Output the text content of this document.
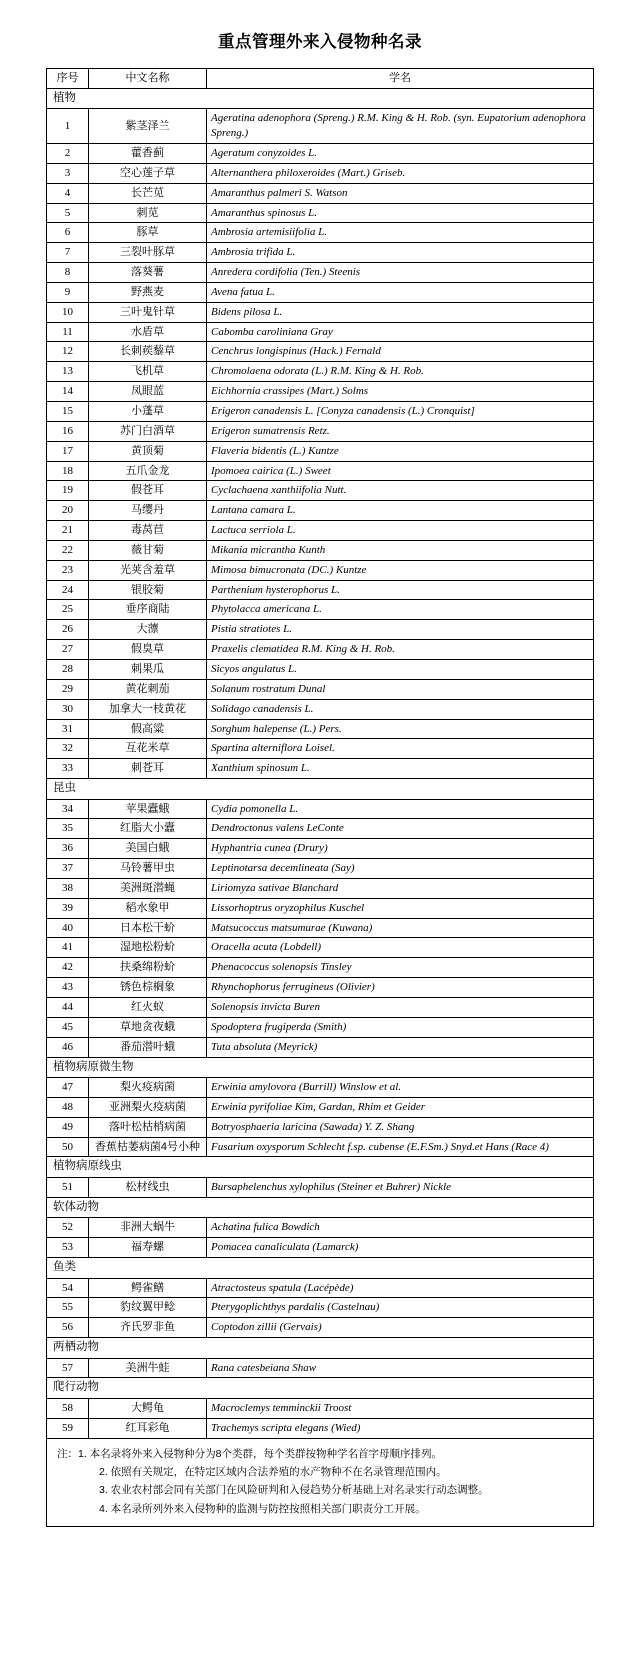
重点管理外来入侵物种名录
序号	中文名称	学名
植物		
1	紫茎泽兰	Ageratina adenophora (Spreng.) R.M. King & H. Rob. (syn. Eupatorium adenophora Spreng.)
2	藿香蓟	Ageratum conyzoides L.
3	空心莲子草	Alternanthera philoxeroides (Mart.) Griseb.
4	长芒苋	Amaranthus palmeri S. Watson
5	刺苋	Amaranthus spinosus L.
6	豚草	Ambrosia artemisiifolia L.
7	三裂叶豚草	Ambrosia trifida L.
8	落葵薯	Anredera cordifolia (Ten.) Steenis
9	野燕麦	Avena fatua L.
10	三叶鬼针草	Bidens pilosa L.
11	水盾草	Cabomba caroliniana Gray
12	长刺蒺藜草	Cenchrus longispinus (Hack.) Fernald
13	飞机草	Chromolaena odorata (L.) R.M. King & H. Rob.
14	凤眼蓝	Eichhornia crassipes (Mart.) Solms
15	小蓬草	Erigeron canadensis L. [Conyza canadensis (L.) Cronquist]
16	苏门白酒草	Erigeron sumatrensis Retz.
17	黄顶菊	Flaveria bidentis (L.) Kuntze
18	五爪金龙	Ipomoea cairica (L.) Sweet
19	假苍耳	Cyclachaena xanthiifolia Nutt.
20	马缨丹	Lantana camara L.
21	毒莴苣	Lactuca serriola L.
22	薇甘菊	Mikania micrantha Kunth
23	光荚含羞草	Mimosa bimucronata (DC.) Kuntze
24	银胶菊	Parthenium hysterophorus L.
25	垂序商陆	Phytolacca americana L.
26	大薸	Pistia stratiotes L.
27	假臭草	Praxelis clematidea R.M. King & H. Rob.
28	刺果瓜	Sicyos angulatus L.
29	黄花刺茄	Solanum rostratum Dunal
30	加拿大一枝黄花	Solidago canadensis L.
31	假高粱	Sorghum halepense (L.) Pers.
32	互花米草	Spartina alterniflora Loisel.
33	刺苍耳	Xanthium spinosum L.
昆虫		
34	苹果蠹蛾	Cydia pomonella L.
35	红脂大小蠹	Dendroctonus valens LeConte
36	美国白蛾	Hyphantria cunea (Drury)
37	马铃薯甲虫	Leptinotarsa decemlineata (Say)
38	美洲斑潜蝇	Liriomyza sativae Blanchard
39	稻水象甲	Lissorhoptrus oryzophilus Kuschel
40	日本松干蚧	Matsucoccus matsumurae (Kuwana)
41	湿地松粉蚧	Oracella acuta (Lobdell)
42	扶桑绵粉蚧	Phenacoccus solenopsis Tinsley
43	锈色棕榈象	Rhynchophorus ferrugineus (Olivier)
44	红火蚁	Solenopsis invicta Buren
45	草地贪夜蛾	Spodoptera frugiperda (Smith)
46	番茄潜叶蛾	Tuta absoluta (Meyrick)
植物病原微生物		
47	梨火疫病菌	Erwinia amylovora (Burrill) Winslow et al.
48	亚洲梨火疫病菌	Erwinia pyrifoliae Kim, Gardan, Rhim et Geider
49	落叶松枯梢病菌	Botryosphaeria laricina (Sawada) Y. Z. Shang
50	香蕉枯萎病菌4号小种	Fusarium oxysporum Schlecht f.sp. cubense (E.F.Sm.) Snyd.et Hans (Race 4)
植物病原线虫		
51	松材线虫	Bursaphelenchus xylophilus (Steiner et Buhrer) Nickle
软体动物		
52	非洲大蜗牛	Achatina fulica Bowdich
53	福寿螺	Pomacea canaliculata (Lamarck)
鱼类		
54	鳄雀鳝	Atractosteus spatula (Lacépède)
55	豹纹翼甲鲶	Pterygoplichthys pardalis (Castelnau)
56	齐氏罗非鱼	Coptodon zillii (Gervais)
两栖动物		
57	美洲牛蛙	Rana catesbeiana Shaw
爬行动物		
58	大鳄龟	Macroclemys temminckii Troost
59	红耳彩龟	Trachemys scripta elegans (Wied)
注：1. 本名录将外来入侵物种分为8个类群，每个类群按物种学名首字母顺序排列。
2. 依照有关规定，在特定区域内合法养殖的水产物种不在名录管理范围内。
3. 农业农村部会同有关部门在风险研判和入侵趋势分析基础上对名录实行动态调整。
4. 本名录所列外来入侵物种的监测与防控按照相关部门职责分工开展。
